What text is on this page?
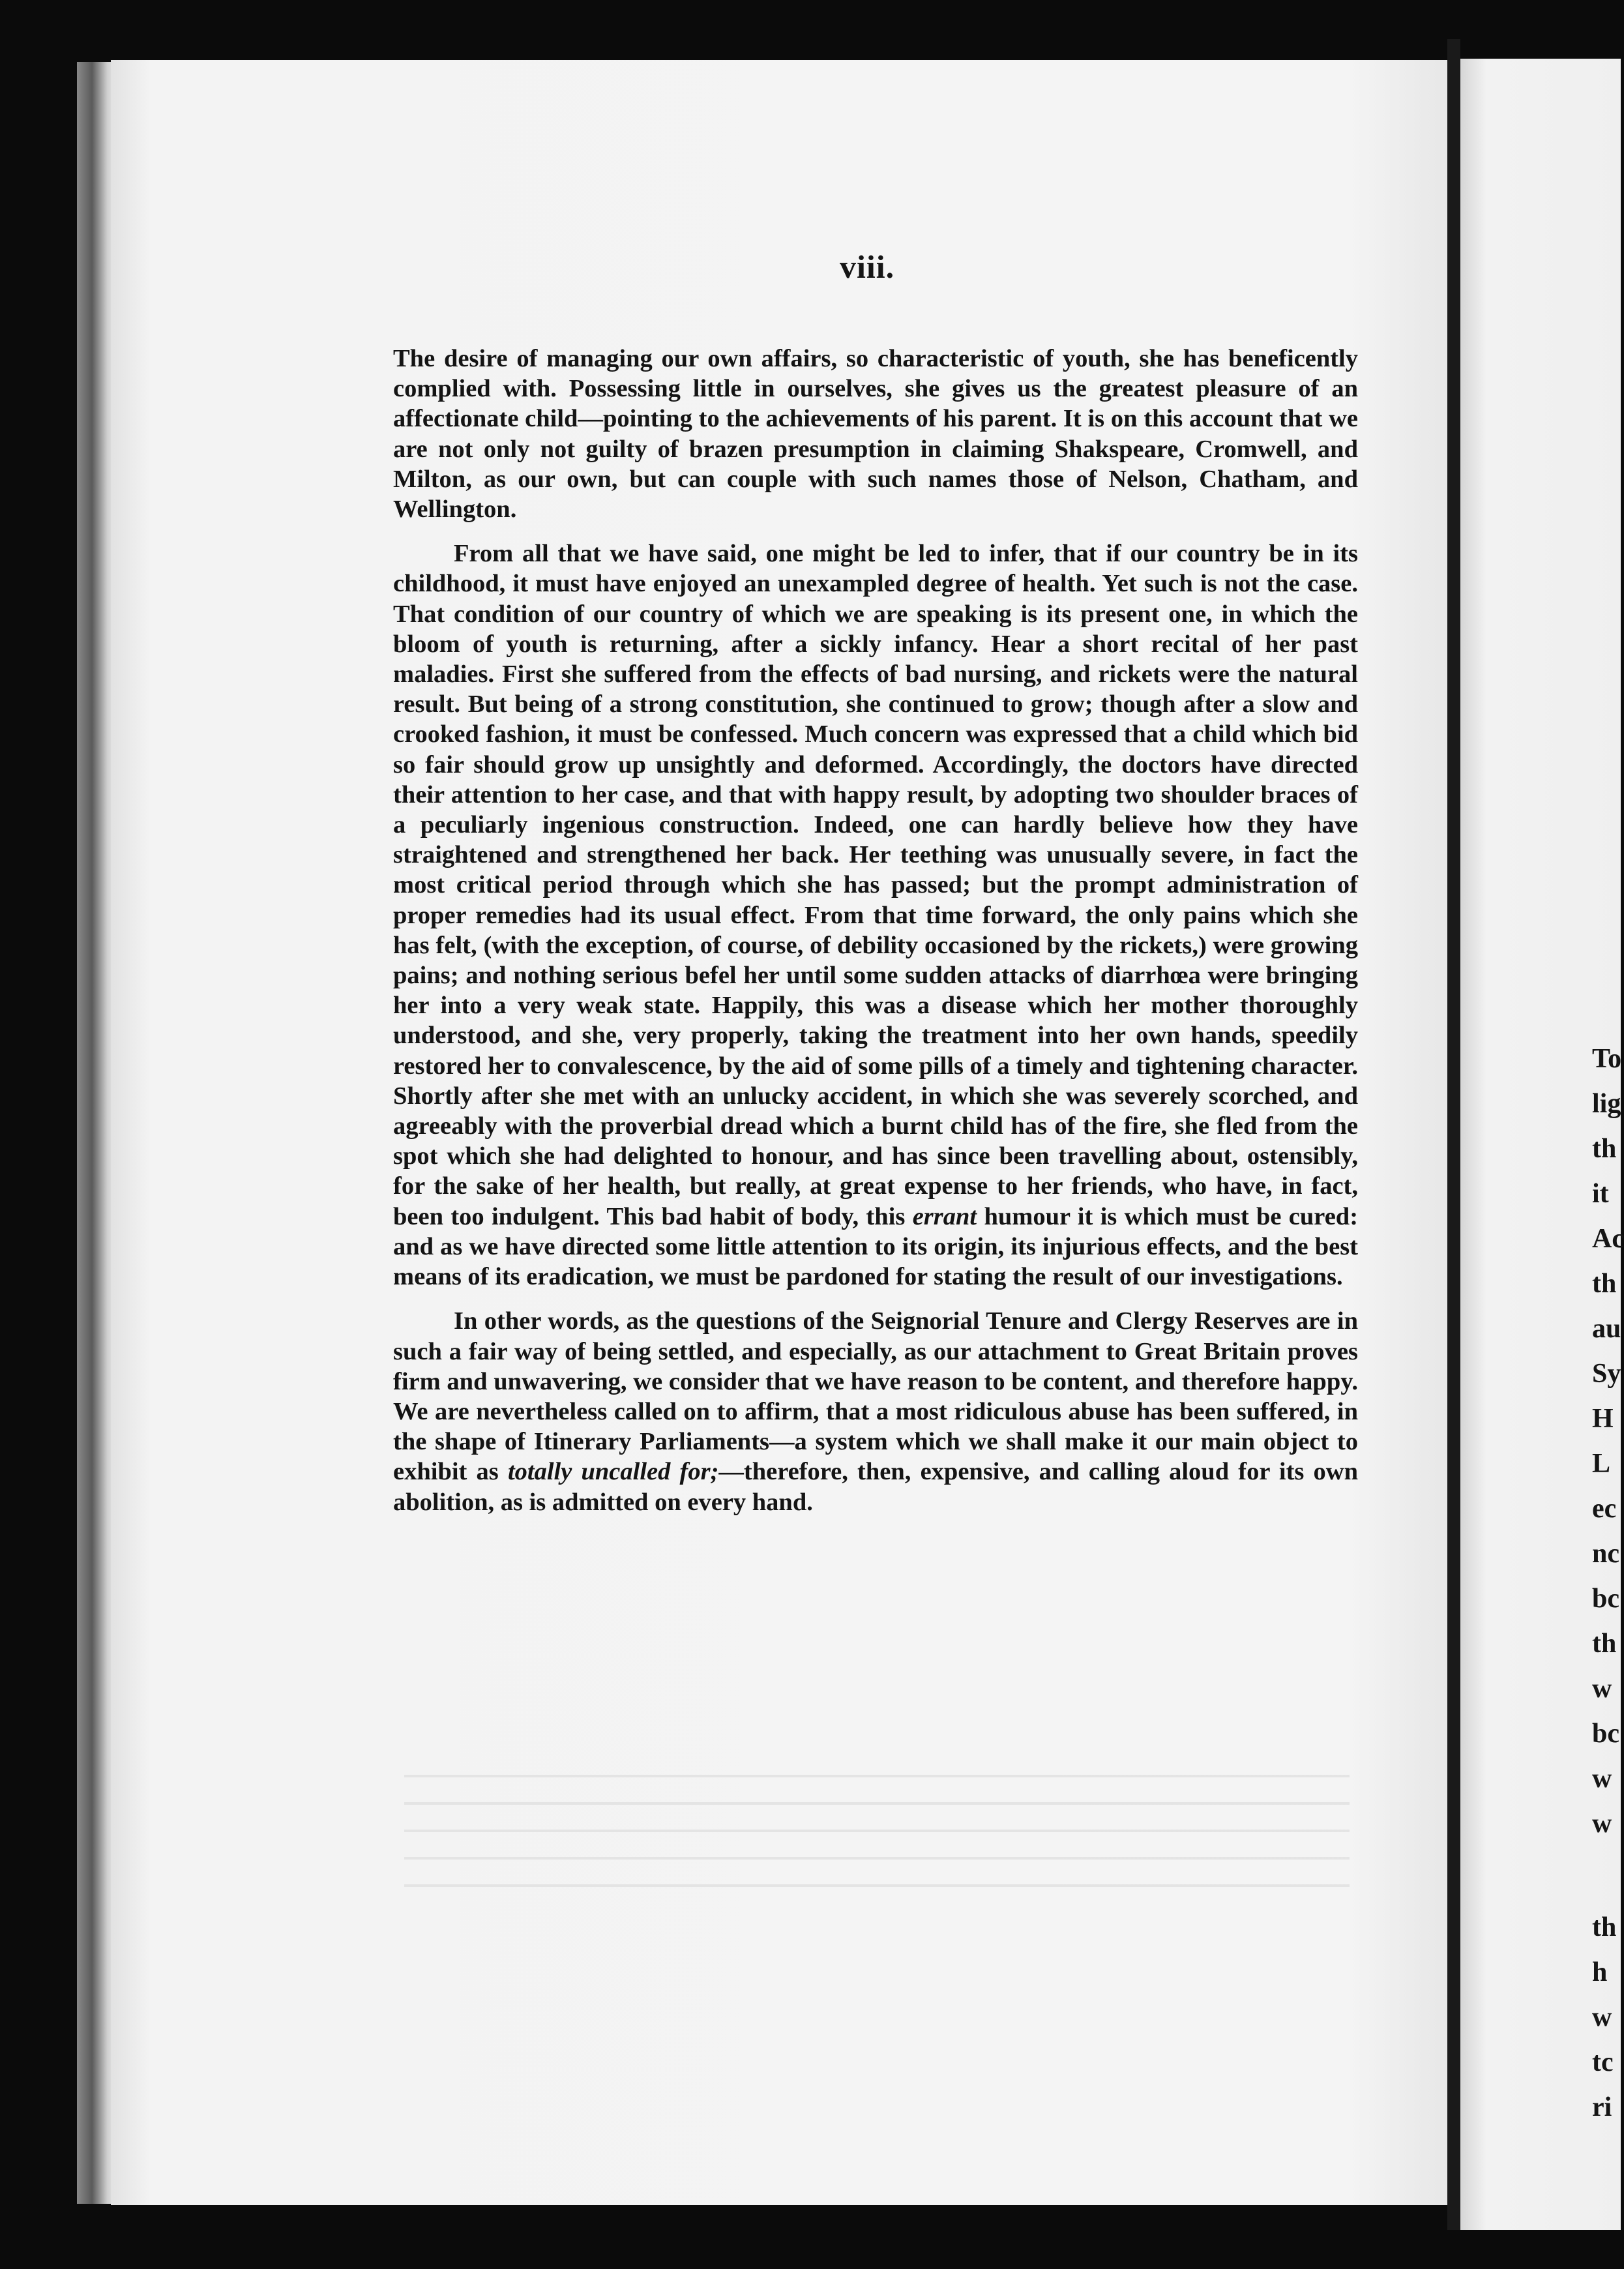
viii.

The desire of managing our own affairs, so characteristic of youth, she has beneficently complied with. Possessing little in ourselves, she gives us the greatest pleasure of an affectionate child—pointing to the achievements of his parent. It is on this account that we are not only not guilty of brazen presumption in claiming Shakspeare, Cromwell, and Milton, as our own, but can couple with such names those of Nelson, Chatham, and Wellington.

From all that we have said, one might be led to infer, that if our country be in its childhood, it must have enjoyed an unexampled degree of health. Yet such is not the case. That condition of our country of which we are speaking is its present one, in which the bloom of youth is returning, after a sickly infancy. Hear a short recital of her past maladies. First she suffered from the effects of bad nursing, and rickets were the natural result. But being of a strong constitution, she continued to grow; though after a slow and crooked fashion, it must be confessed. Much concern was expressed that a child which bid so fair should grow up unsightly and deformed. Accordingly, the doctors have directed their attention to her case, and that with happy result, by adopting two shoulder braces of a peculiarly ingenious construction. Indeed, one can hardly believe how they have straightened and strengthened her back. Her teething was unusually severe, in fact the most critical period through which she has passed; but the prompt administration of proper remedies had its usual effect. From that time forward, the only pains which she has felt, (with the exception, of course, of debility occasioned by the rickets,) were growing pains; and nothing serious befel her until some sudden attacks of diarrhœa were bringing her into a very weak state. Happily, this was a disease which her mother thoroughly understood, and she, very properly, taking the treatment into her own hands, speedily restored her to convalescence, by the aid of some pills of a timely and tightening character. Shortly after she met with an unlucky accident, in which she was severely scorched, and agreeably with the proverbial dread which a burnt child has of the fire, she fled from the spot which she had delighted to honour, and has since been travelling about, ostensibly, for the sake of her health, but really, at great expense to her friends, who have, in fact, been too indulgent. This bad habit of body, this errant humour it is which must be cured: and as we have directed some little attention to its origin, its injurious effects, and the best means of its eradication, we must be pardoned for stating the result of our investigations.

In other words, as the questions of the Seignorial Tenure and Clergy Reserves are in such a fair way of being settled, and especially, as our attachment to Great Britain proves firm and unwavering, we consider that we have reason to be content, and therefore happy. We are nevertheless called on to affirm, that a most ridiculous abuse has been suffered, in the shape of Itinerary Parliaments—a system which we shall make it our main object to exhibit as totally uncalled for;—therefore, then, expensive, and calling aloud for its own abolition, as is admitted on every hand.

To
lig
th
it
Ac
th
au
Sy
H
L
ec
nc
bc
th
w
bc
w
w
th
h
w
tc
ri
